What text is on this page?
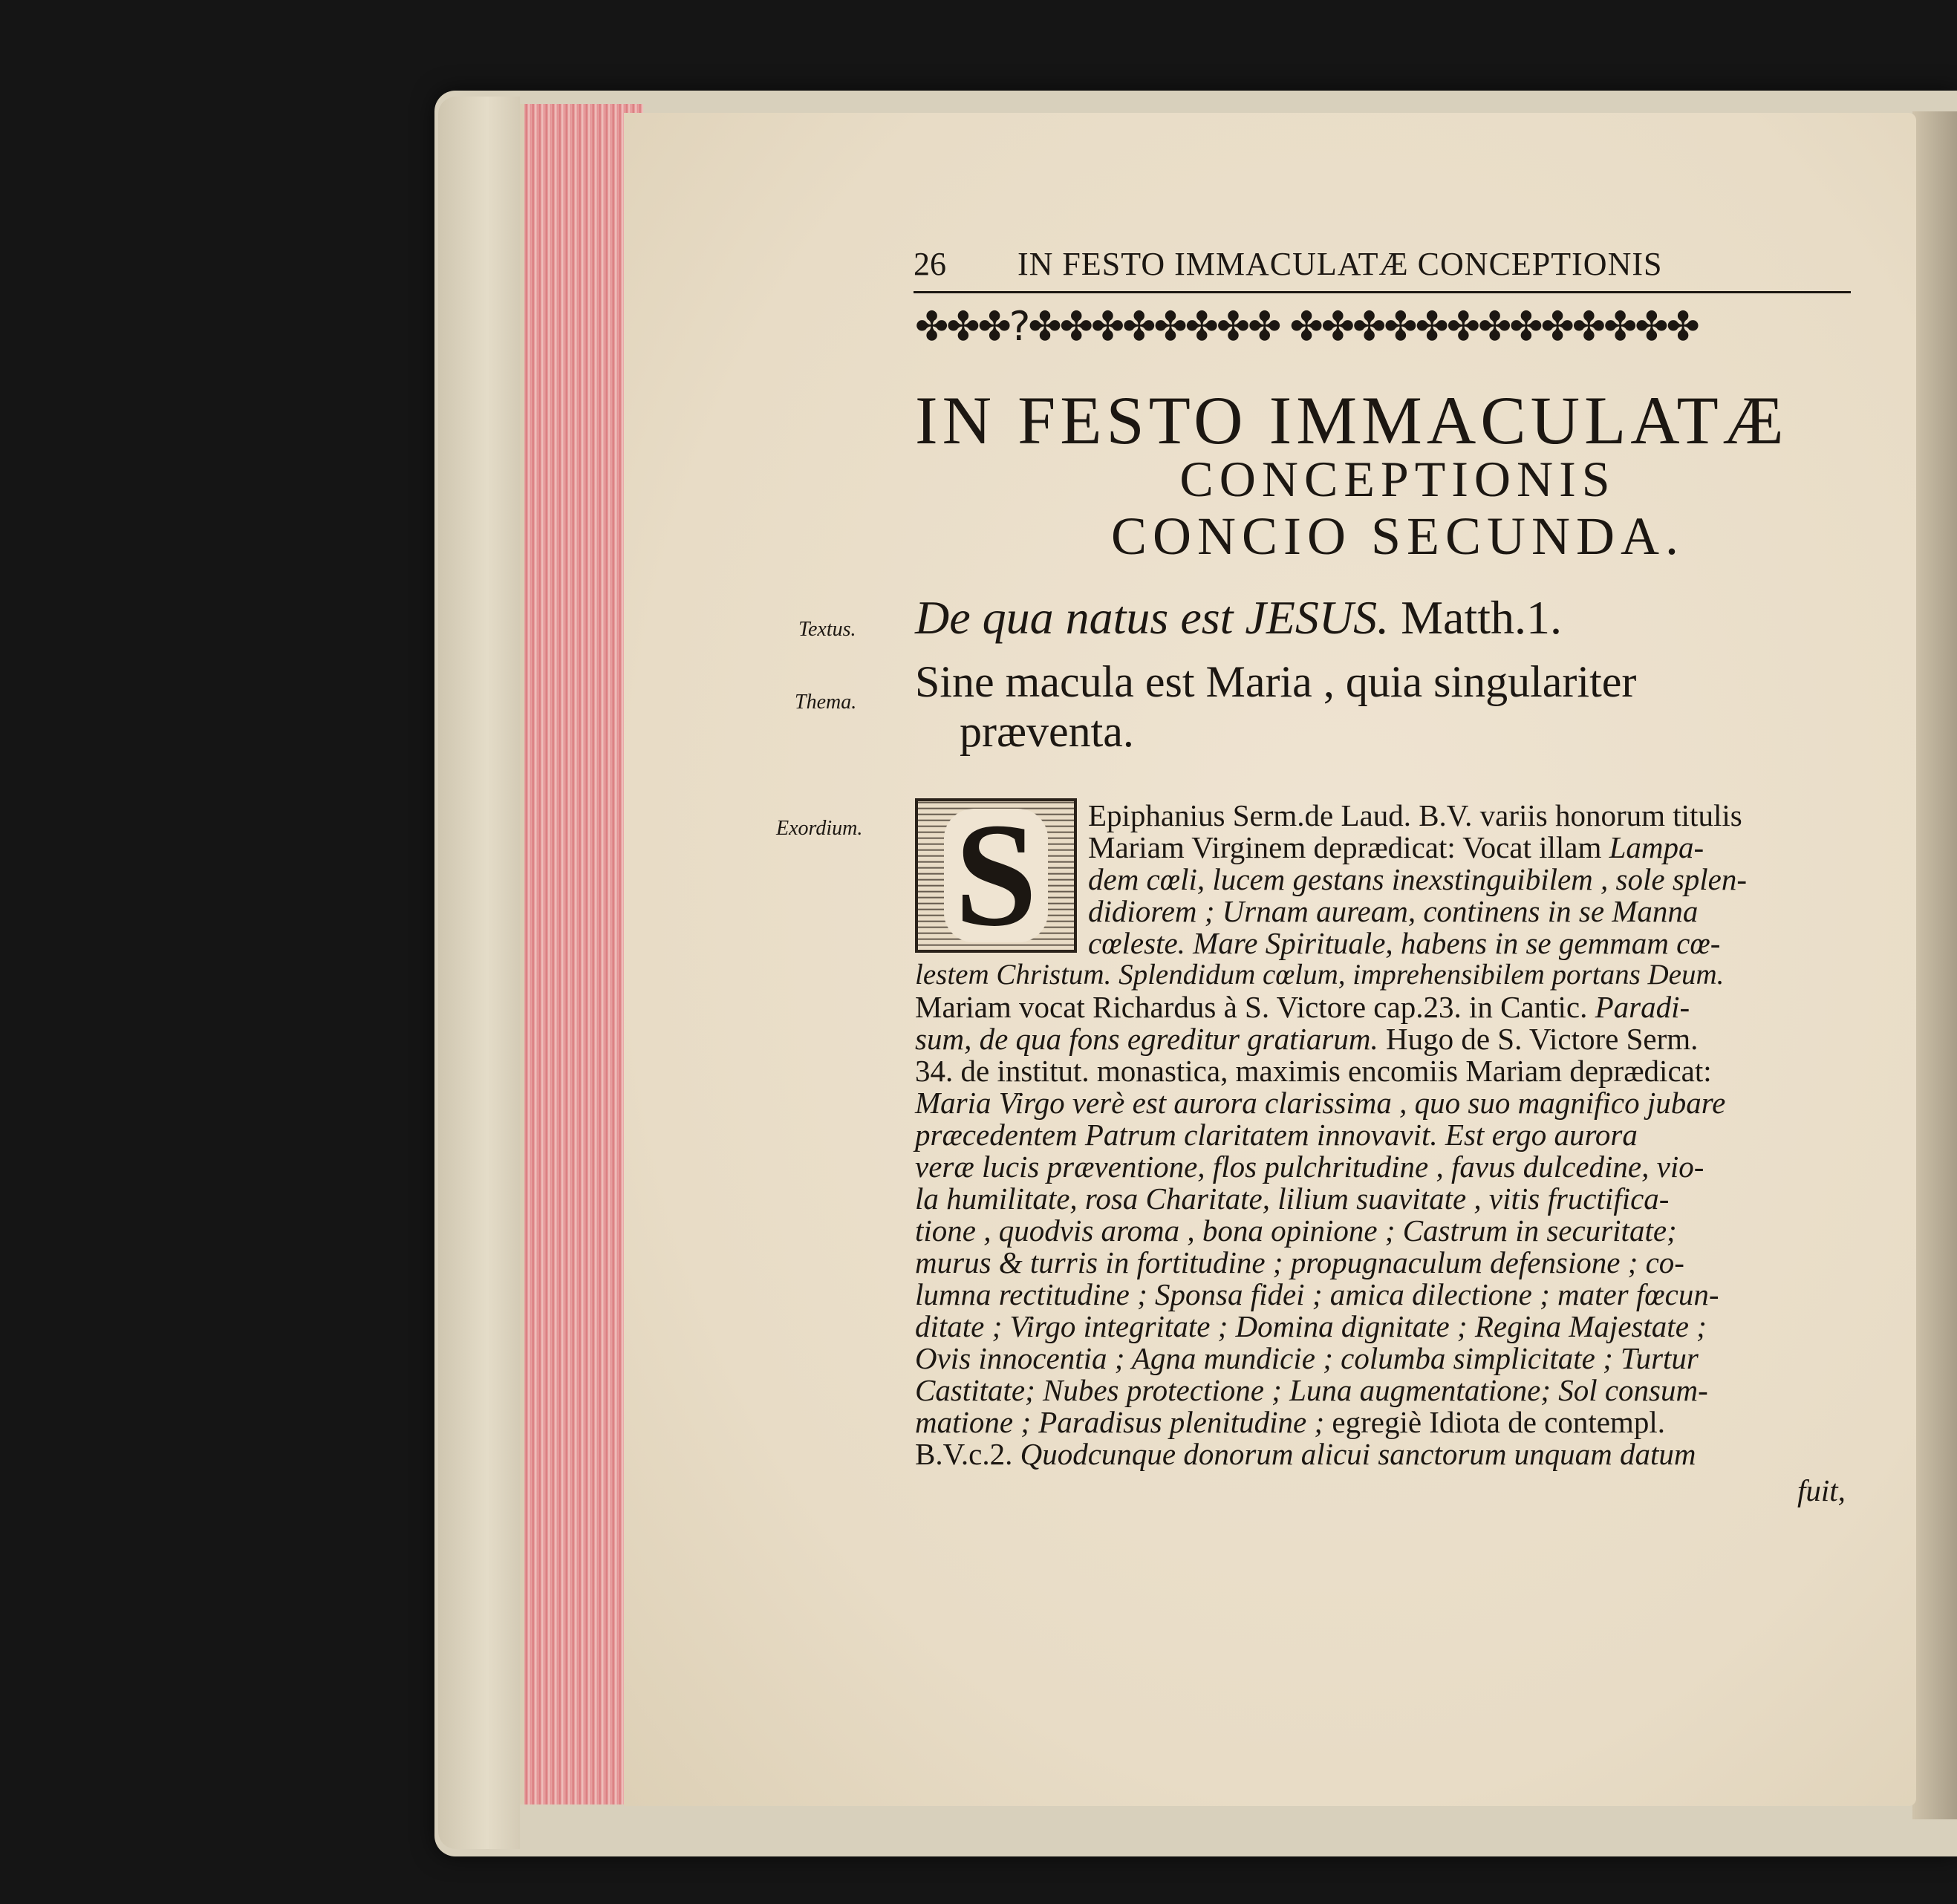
26 IN FESTO IMMACULATÆ CONCEPTIONIS
✤✤✤?✤✤✤✤✤✤✤✤ ✤✤✤✤✤✤✤✤✤✤✤✤✤
IN FESTO IMMACULATÆ
CONCEPTIONIS
CONCIO SECUNDA.
Textus.
Thema.
Exordium.
De qua natus est JESUS. Matth.1.
Sine macula est Maria , quia singulariter
præventa.
S	Epiphanius Serm.de Laud. B.V. variis honorum titulis
Mariam Virginem deprædicat: Vocat illam Lampa-
dem cœli, lucem gestans inexstinguibilem , sole splen-
didiorem ; Urnam auream, continens in se Manna
cœleste. Mare Spirituale, habens in se gemmam cœ-
lestem Christum. Splendidum cœlum, imprehensibilem portans Deum.
Mariam vocat Richardus à S. Victore cap.23. in Cantic. Paradi-
sum, de qua fons egreditur gratiarum. Hugo de S. Victore Serm.
34. de institut. monastica, maximis encomiis Mariam deprædicat:
Maria Virgo verè est aurora clarissima , quo suo magnifico jubare
præcedentem Patrum claritatem innovavit. Est ergo aurora
veræ lucis præventione, flos pulchritudine , favus dulcedine, vio-
la humilitate, rosa Charitate, lilium suavitate , vitis fructifica-
tione , quodvis aroma , bona opinione ; Castrum in securitate;
murus & turris in fortitudine ; propugnaculum defensione ; co-
lumna rectitudine ; Sponsa fidei ; amica dilectione ; mater fœcun-
ditate ; Virgo integritate ; Domina dignitate ; Regina Majestate ;
Ovis innocentia ; Agna mundicie ; columba simplicitate ; Turtur
Castitate; Nubes protectione ; Luna augmentatione; Sol consum-
matione ; Paradisus plenitudine ; egregiè Idiota de contempl.
B.V.c.2. Quodcunque donorum alicui sanctorum unquam datum
fuit,
